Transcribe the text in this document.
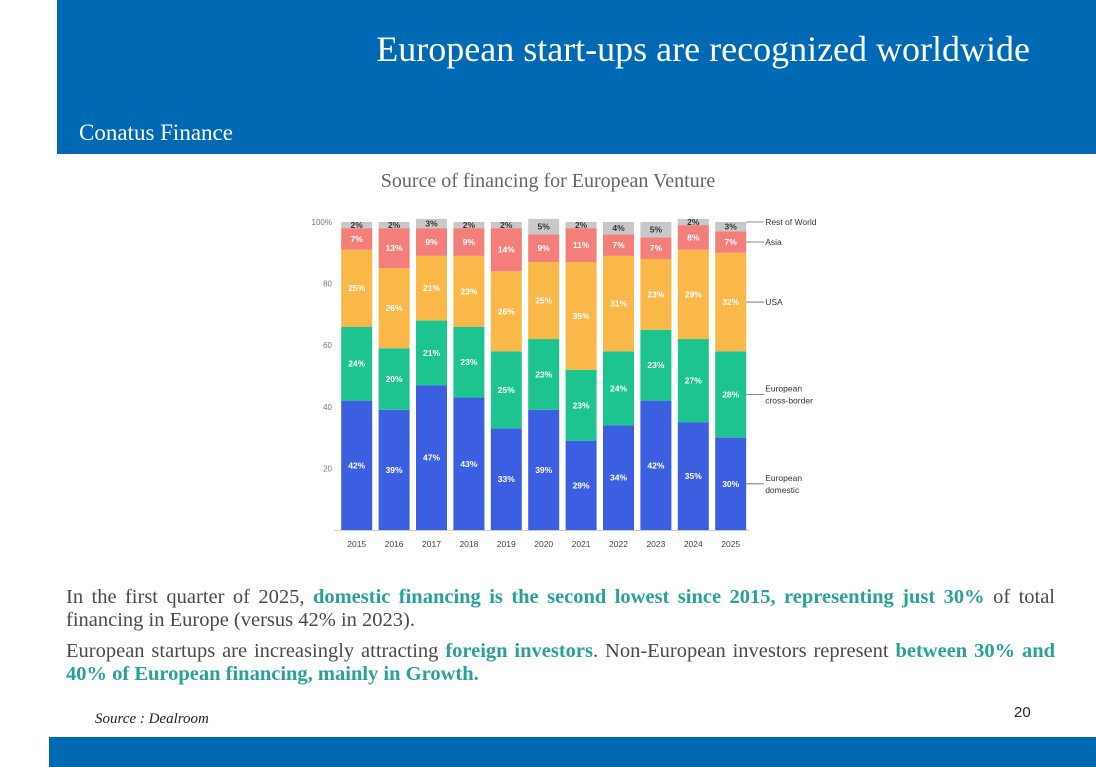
European start-ups are recognized worldwide
Conatus Finance
Source of financing for European Venture
100%
80
60
40
20 42%
24%
25%
7%
2%
2015
39%
20%
26%
13%
2%
2016
47%
21%
21%
9%
3%
2017
43%
23%
23%
9%
2%
2018
33%
25%
26%
14%
2%
2019
39%
23%
25%
9%
5%
2020
29%
23%
35%
11%
2%
2021
34%
24%
31%
7%
4%
2022
42%
23%
23%
7%
5%
2023
35%
27%
29%
8%
2%
2024
30%
28%
32%
7%
3%
2025
Rest of World
Asia
USA
European
cross-border
European
domestic

In the first quarter of 2025, domestic financing is the second lowest since 2015, representing just 30% of total financing in Europe (versus 42% in 2023).

European startups are increasingly attracting foreign investors. Non-European investors represent between 30% and 40% of European financing, mainly in Growth.

Source : Dealroom	20
